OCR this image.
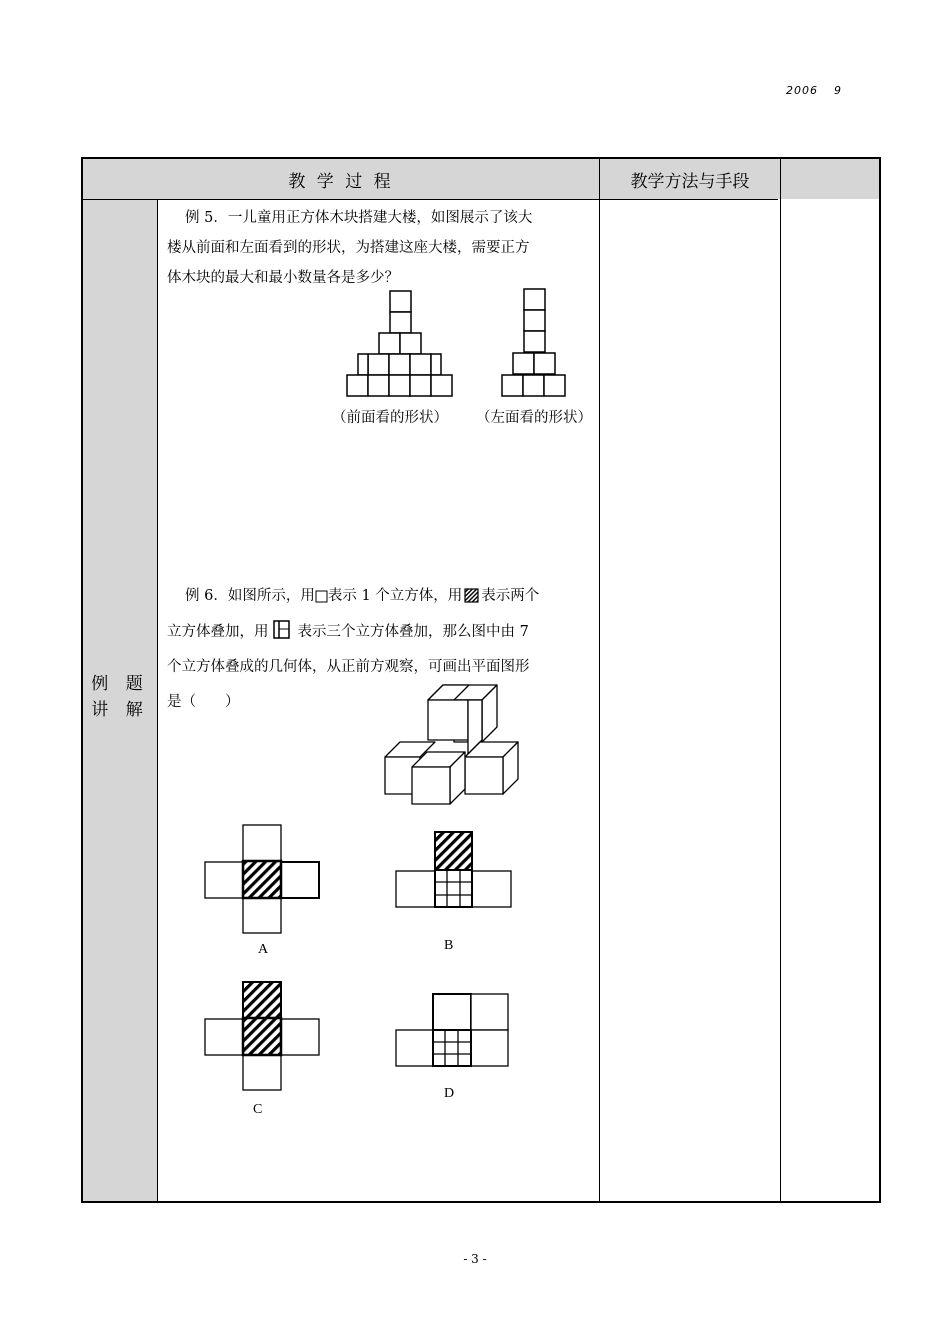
2006 9
教 学 过 程	教学方法与手段
例 题
讲 解
例 5．一儿童用正方体木块搭建大楼，如图展示了该大
楼从前面和左面看到的形状，为搭建这座大楼，需要正方
体木块的最大和最小数量各是多少？
（前面看的形状） （左面看的形状）
例 6．如图所示，用 表示 1 个立方体，用 表示两个
立方体叠加，用 表示三个立方体叠加，那么图中由 7
个立方体叠成的几何体，从正前方观察，可画出平面图形
是（　　）
A	B
C
D
- 3 -
